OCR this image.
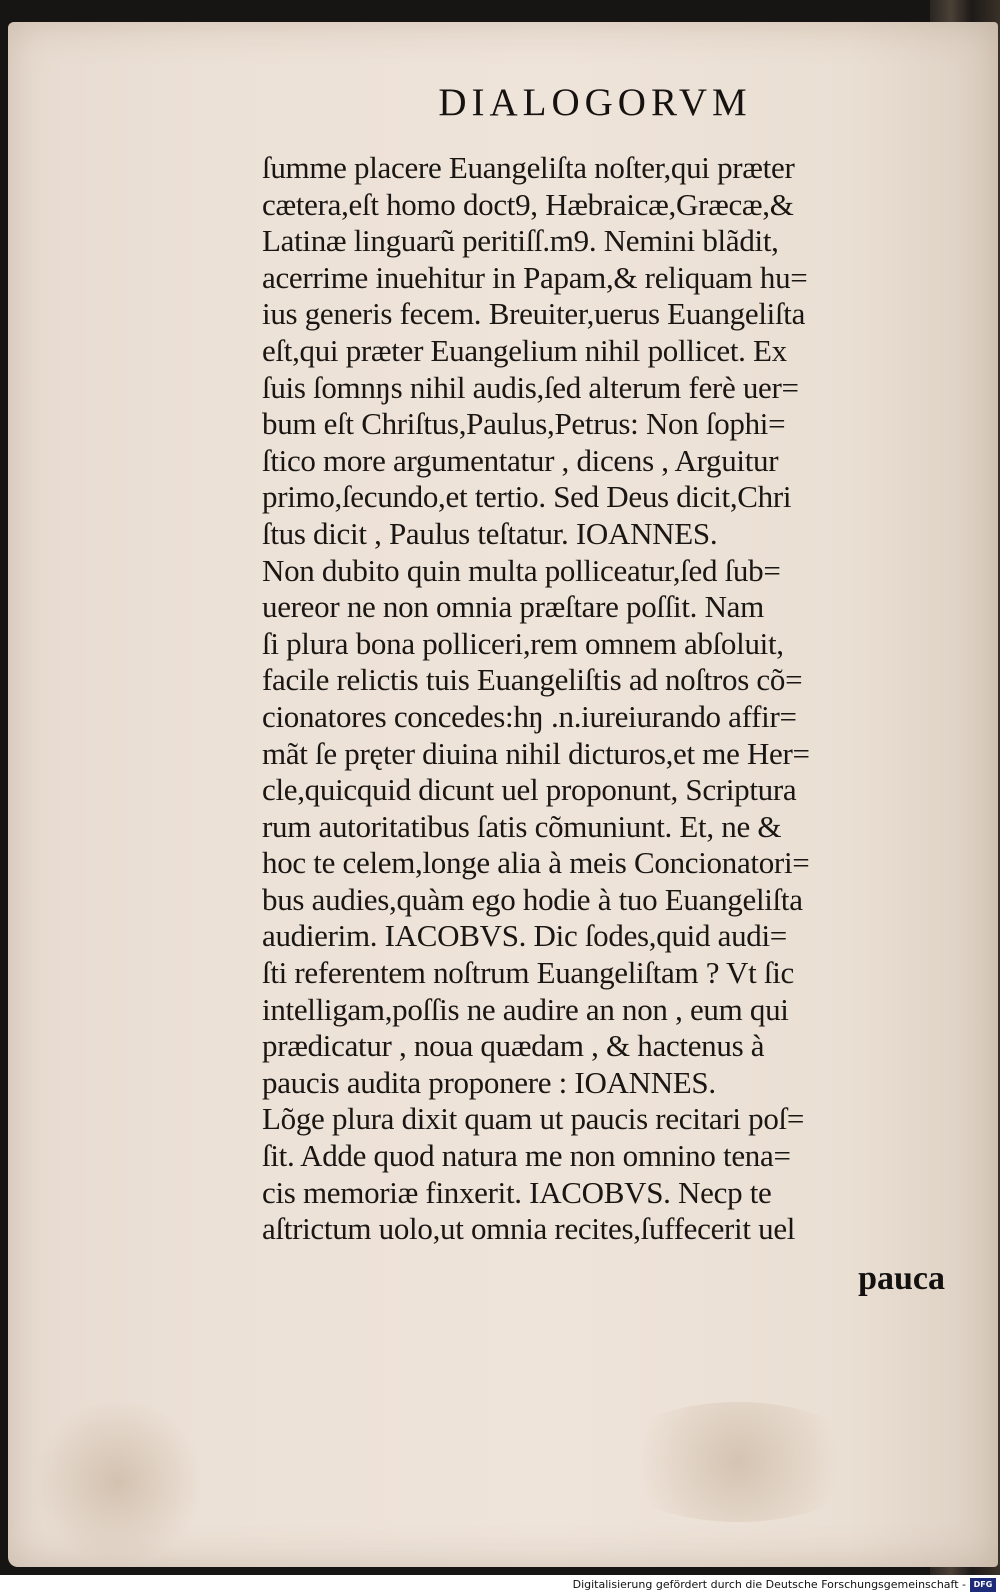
DIALOGORVM
ſumme placere Euangeliſta noſter,qui præter
cætera,eſt homo doct9, Hæbraicæ,Græcæ,&
Latinæ linguarũ peritiſſ.m9. Nemini blãdit,
acerrime inuehitur in Papam,& reliquam hu=
ius generis fecem. Breuiter,uerus Euangeliſta
eſt,qui præter Euangelium nihil pollicet. Ex
ſuis ſomnŋs nihil audis,ſed alterum ferè uer=
bum eſt Chriſtus,Paulus,Petrus: Non ſophi=
ſtico more argumentatur , dicens , Arguitur
primo,ſecundo,et tertio. Sed Deus dicit,Chri
ſtus dicit , Paulus teſtatur. IOANNES.
Non dubito quin multa polliceatur,ſed ſub=
uereor ne non omnia præſtare poſſit. Nam
ſi plura bona polliceri,rem omnem abſoluit,
facile relictis tuis Euangeliſtis ad noſtros cõ=
cionatores concedes:hŋ .n.iureiurando affir=
mãt ſe pręter diuina nihil dicturos,et me Her=
cle,quicquid dicunt uel proponunt, Scriptura
rum autoritatibus ſatis cõmuniunt. Et, ne &
hoc te celem,longe alia à meis Concionatori=
bus audies,quàm ego hodie à tuo Euangeliſta
audierim. IACOBVS. Dic ſodes,quid audi=
ſti referentem noſtrum Euangeliſtam ? Vt ſic
intelligam,poſſis ne audire an non , eum qui
prædicatur , noua quædam , & hactenus à
paucis audita proponere : IOANNES.
Lõge plura dixit quam ut paucis recitari poſ=
ſit. Adde quod natura me non omnino tena=
cis memoriæ finxerit. IACOBVS. Necp te
aſtrictum uolo,ut omnia recites,ſuffecerit uel
pauca
Digitalisierung gefördert durch die Deutsche Forschungsgemeinschaft - DFG
